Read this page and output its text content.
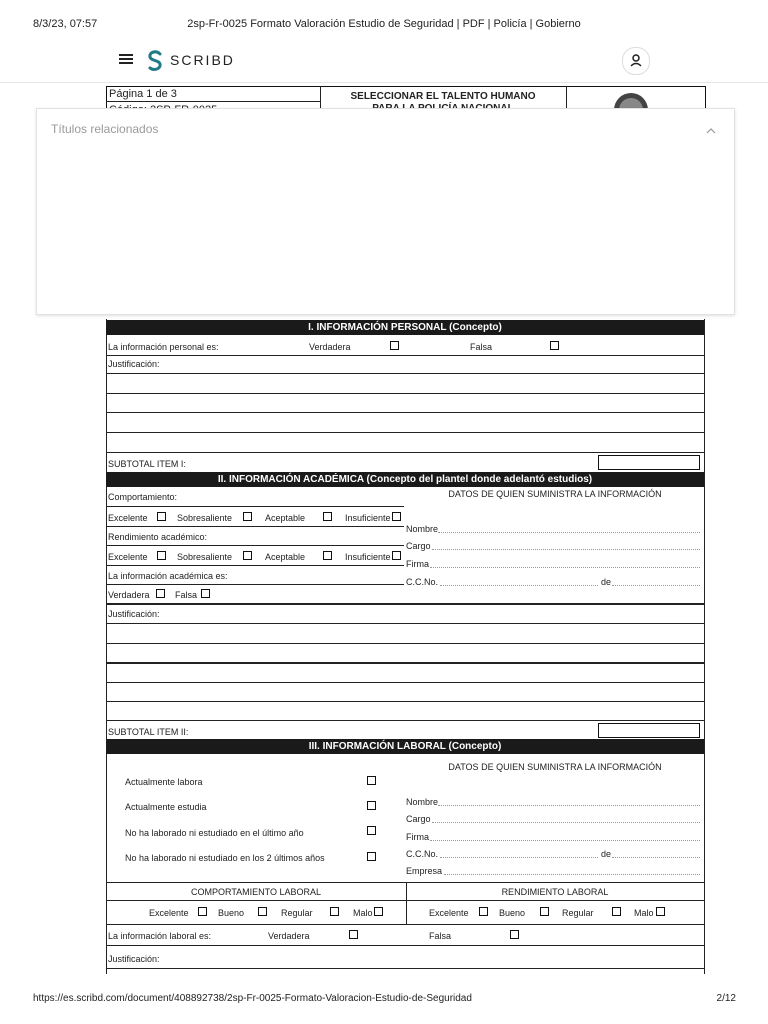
8/3/23, 07:57	2sp-Fr-0025 Formato Valoración Estudio de Seguridad | PDF | Policía | Gobierno
SCRIBD
Página 1 de 3	SELECCIONAR EL TALENTO HUMANO
Títulos relacionados
I. INFORMACIÓN PERSONAL (Concepto)
La información personal es:	Verdadera	Falsa
Justificación:
SUBTOTAL ITEM I:
II. INFORMACIÓN ACADÉMICA (Concepto del plantel donde adelantó estudios)
Comportamiento:
Excelente	Sobresaliente	Aceptable	Insuficiente
Rendimiento académico:
Excelente	Sobresaliente	Aceptable	Insuficiente
La información académica es:
Verdadera	Falsa
DATOS DE QUIEN SUMINISTRA LA INFORMACIÓN
Nombre
Cargo
Firma
C.C.No.	de
Justificación:
SUBTOTAL ITEM II:
III. INFORMACIÓN LABORAL (Concepto)
Actualmente labora
Actualmente estudia
No ha laborado ni estudiado en el último año
No ha laborado ni estudiado en los 2 últimos años
DATOS DE QUIEN SUMINISTRA LA INFORMACIÓN
Nombre
Cargo
Firma
C.C.No.	de
Empresa
COMPORTAMIENTO LABORAL	RENDIMIENTO LABORAL
Excelente	Bueno	Regular	Malo	Excelente	Bueno	Regular	Malo
La información laboral es:	Verdadera	Falsa
Justificación:
https://es.scribd.com/document/408892738/2sp-Fr-0025-Formato-Valoracion-Estudio-de-Seguridad	2/12
